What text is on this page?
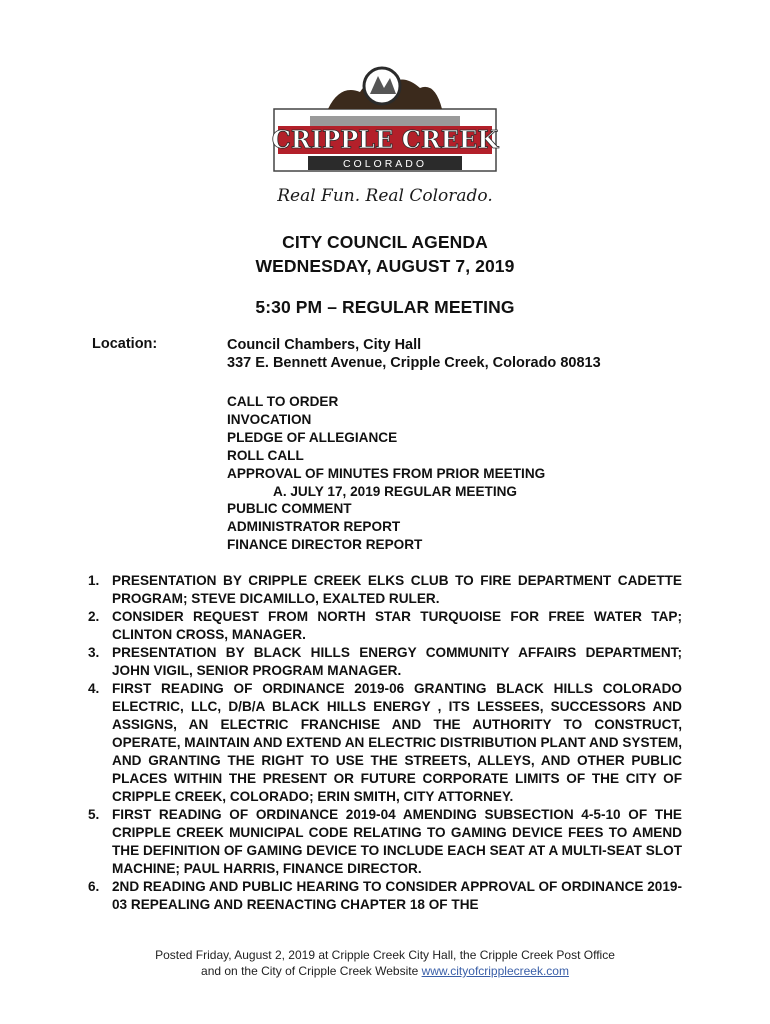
CRIPPLE CREEK
COLORADO
Real Fun. Real Colorado.
CITY COUNCIL AGENDA
WEDNESDAY, AUGUST 7, 2019
5:30 PM – REGULAR MEETING
Location:	Council Chambers, City Hall
337 E. Bennett Avenue, Cripple Creek, Colorado 80813
CALL TO ORDER
INVOCATION
PLEDGE OF ALLEGIANCE
ROLL CALL
APPROVAL OF MINUTES FROM PRIOR MEETING
A. JULY 17, 2019 REGULAR MEETING
PUBLIC COMMENT
ADMINISTRATOR REPORT
FINANCE DIRECTOR REPORT
1. PRESENTATION BY CRIPPLE CREEK ELKS CLUB TO FIRE DEPARTMENT CADETTE PROGRAM; STEVE DICAMILLO, EXALTED RULER.
2. CONSIDER REQUEST FROM NORTH STAR TURQUOISE FOR FREE WATER TAP; CLINTON CROSS, MANAGER.
3. PRESENTATION BY BLACK HILLS ENERGY COMMUNITY AFFAIRS DEPARTMENT; JOHN VIGIL, SENIOR PROGRAM MANAGER.
4. FIRST READING OF ORDINANCE 2019-06 GRANTING BLACK HILLS COLORADO ELECTRIC, LLC, D/B/A BLACK HILLS ENERGY , ITS LESSEES, SUCCESSORS AND ASSIGNS, AN ELECTRIC FRANCHISE AND THE AUTHORITY TO CONSTRUCT, OPERATE, MAINTAIN AND EXTEND AN ELECTRIC DISTRIBUTION PLANT AND SYSTEM, AND GRANTING THE RIGHT TO USE THE STREETS, ALLEYS, AND OTHER PUBLIC PLACES WITHIN THE PRESENT OR FUTURE CORPORATE LIMITS OF THE CITY OF CRIPPLE CREEK, COLORADO; ERIN SMITH, CITY ATTORNEY.
5. FIRST READING OF ORDINANCE 2019-04 AMENDING SUBSECTION 4-5-10 OF THE CRIPPLE CREEK MUNICIPAL CODE RELATING TO GAMING DEVICE FEES TO AMEND THE DEFINITION OF GAMING DEVICE TO INCLUDE EACH SEAT AT A MULTI-SEAT SLOT MACHINE; PAUL HARRIS, FINANCE DIRECTOR.
6. 2ND READING AND PUBLIC HEARING TO CONSIDER APPROVAL OF ORDINANCE 2019-03 REPEALING AND REENACTING CHAPTER 18 OF THE
Posted Friday, August 2, 2019 at Cripple Creek City Hall, the Cripple Creek Post Office
and on the City of Cripple Creek Website www.cityofcripplecreek.com
